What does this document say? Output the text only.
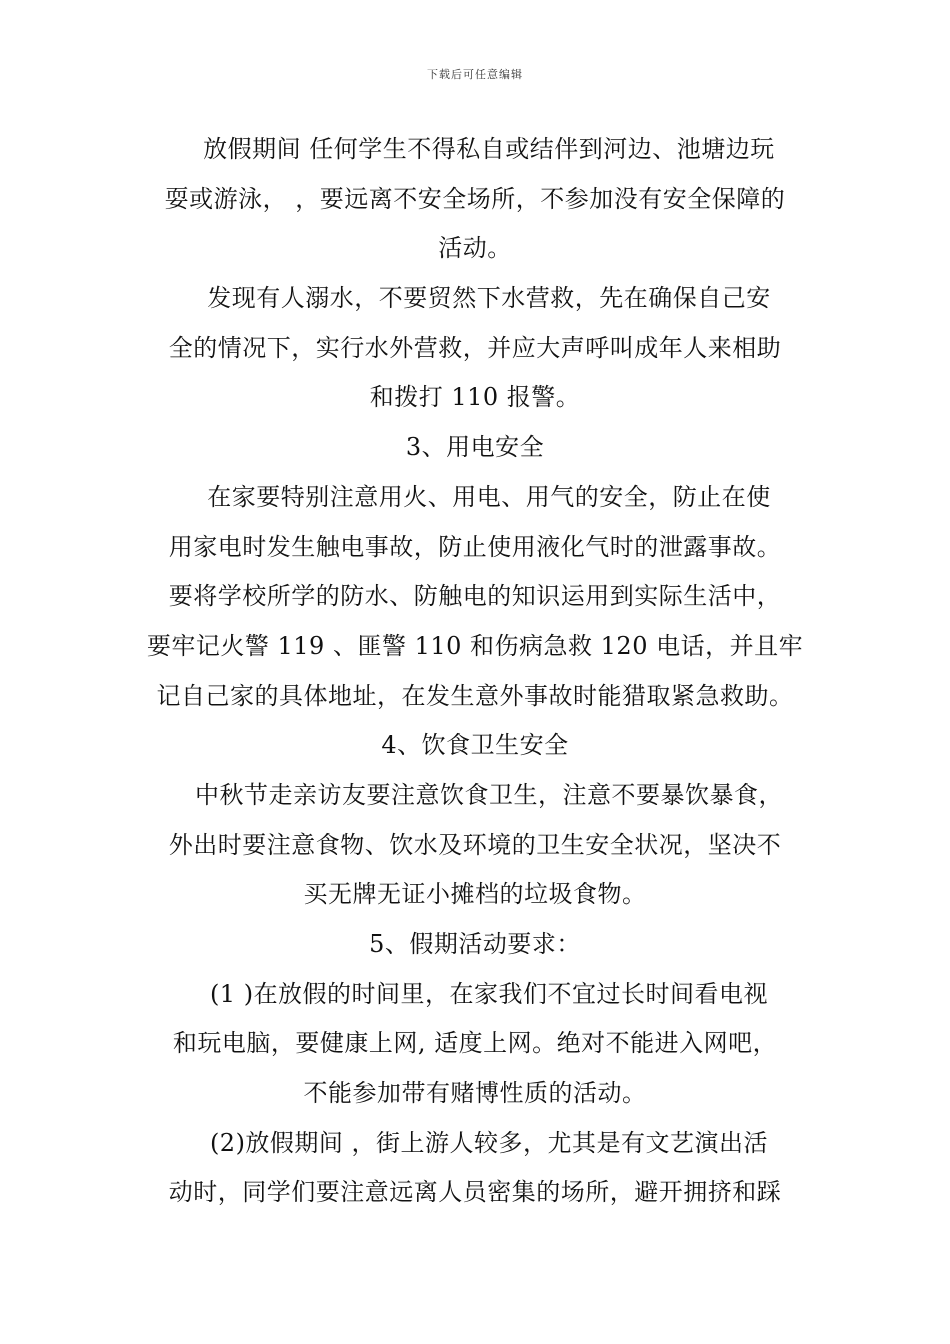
下载后可任意编辑
放假期间 任何学生不得私自或结伴到河边、池塘边玩
耍或游泳， ，要远离不安全场所，不参加没有安全保障的
活动。
发现有人溺水，不要贸然下水营救，先在确保自己安
全的情况下，实行水外营救，并应大声呼叫成年人来相助
和拨打 110 报警。
3、用电安全
在家要特别注意用火、用电、用气的安全，防止在使
用家电时发生触电事故，防止使用液化气时的泄露事故。
要将学校所学的防水、防触电的知识运用到实际生活中，
要牢记火警 119 、匪警 110 和伤病急救 120 电话，并且牢
记自己家的具体地址，在发生意外事故时能猎取紧急救助。
4、饮食卫生安全
中秋节走亲访友要注意饮食卫生，注意不要暴饮暴食，
外出时要注意食物、饮水及环境的卫生安全状况，坚决不
买无牌无证小摊档的垃圾食物。
5、假期活动要求：
(1 )在放假的时间里，在家我们不宜过长时间看电视
和玩电脑，要健康上网, 适度上网。绝对不能进入网吧，
不能参加带有赌博性质的活动。
(2)放假期间 ，街上游人较多，尤其是有文艺演出活
动时，同学们要注意远离人员密集的场所，避开拥挤和踩
